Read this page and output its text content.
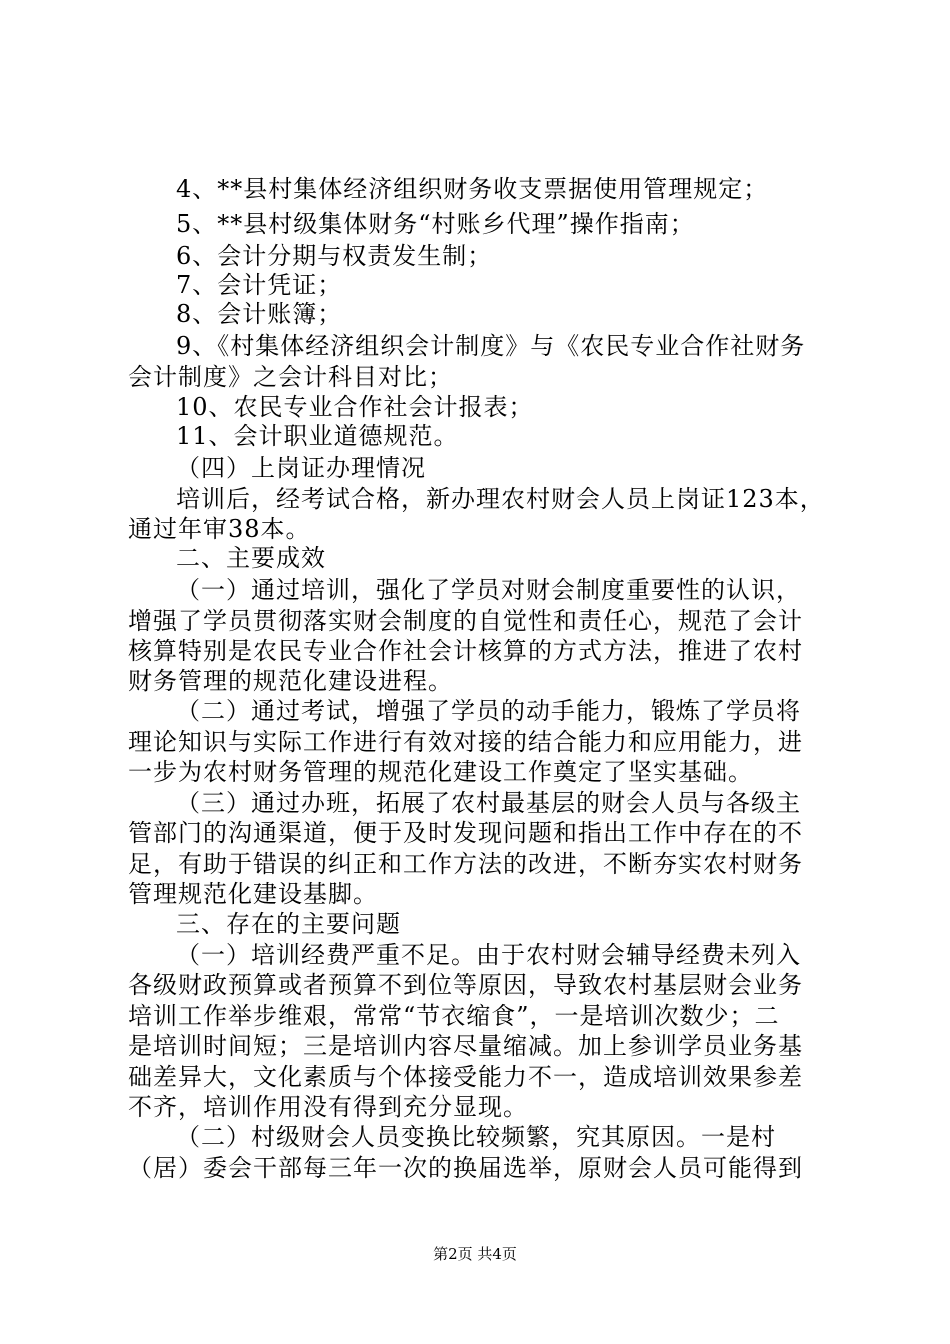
4、**县村集体经济组织财务收支票据使用管理规定；
5、**县村级集体财务“村账乡代理”操作指南；
6、会计分期与权责发生制；
7、会计凭证；
8、会计账簿；
9、《村集体经济组织会计制度》与《农民专业合作社财务
会计制度》之会计科目对比；
10、农民专业合作社会计报表；
11、会计职业道德规范。
（四）上岗证办理情况
培训后，经考试合格，新办理农村财会人员上岗证123本，
通过年审38本。
二、主要成效
（一）通过培训，强化了学员对财会制度重要性的认识，
增强了学员贯彻落实财会制度的自觉性和责任心，规范了会计
核算特别是农民专业合作社会计核算的方式方法，推进了农村
财务管理的规范化建设进程。
（二）通过考试，增强了学员的动手能力，锻炼了学员将
理论知识与实际工作进行有效对接的结合能力和应用能力，进
一步为农村财务管理的规范化建设工作奠定了坚实基础。
（三）通过办班，拓展了农村最基层的财会人员与各级主
管部门的沟通渠道，便于及时发现问题和指出工作中存在的不
足，有助于错误的纠正和工作方法的改进，不断夯实农村财务
管理规范化建设基脚。
三、存在的主要问题
（一）培训经费严重不足。由于农村财会辅导经费未列入
各级财政预算或者预算不到位等原因，导致农村基层财会业务
培训工作举步维艰，常常“节衣缩食”，一是培训次数少；二
是培训时间短；三是培训内容尽量缩减。加上参训学员业务基
础差异大，文化素质与个体接受能力不一，造成培训效果参差
不齐，培训作用没有得到充分显现。
（二）村级财会人员变换比较频繁，究其原因。一是村
（居）委会干部每三年一次的换届选举，原财会人员可能得到
第2页 共4页
